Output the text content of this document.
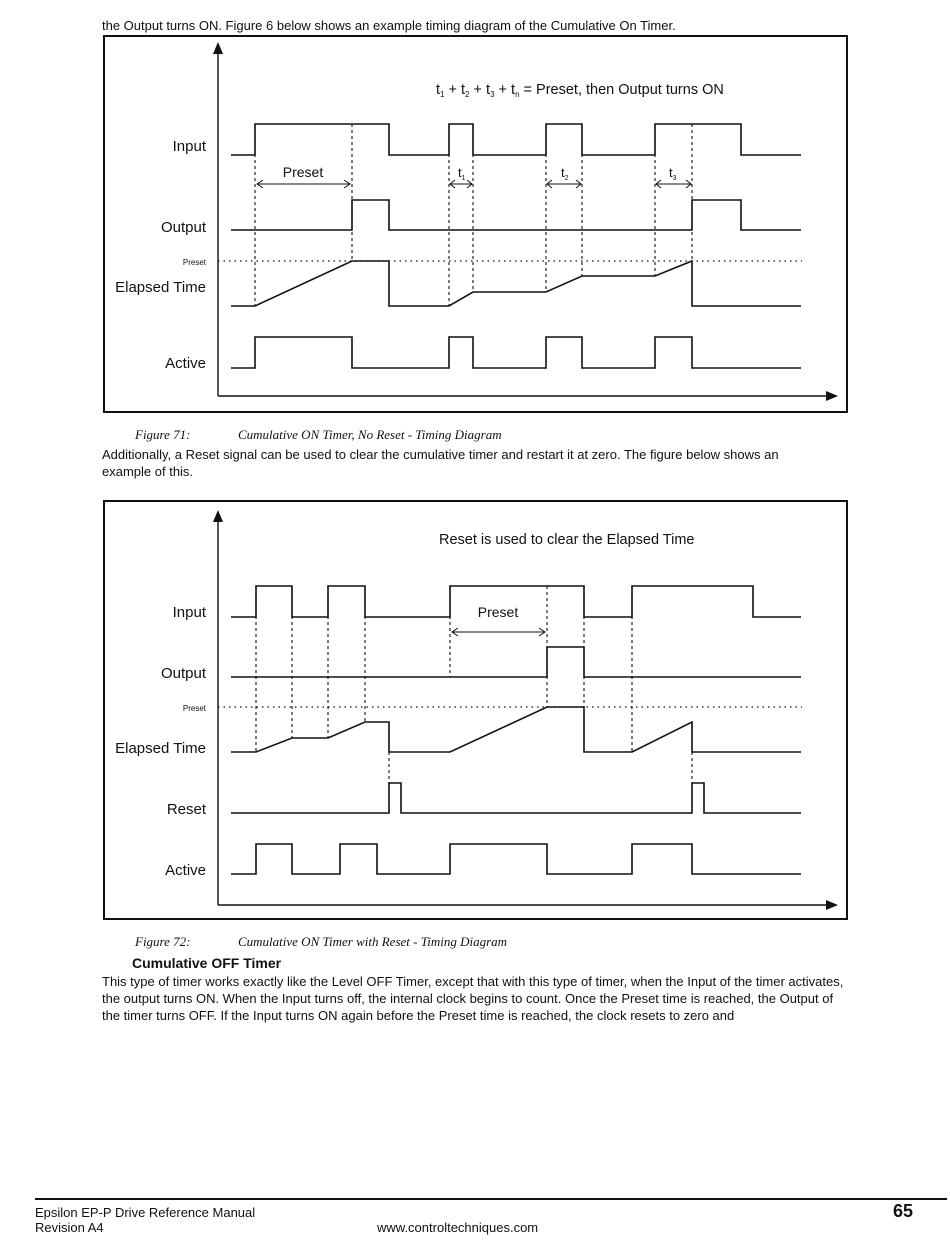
the Output turns ON. Figure 6 below shows an example timing diagram of the Cumulative On Timer.
$t_1 + t_2 + t_3 + t_n$ = Preset, then Output turns ON
Input
Output
Preset
Elapsed Time
Active
Preset	$t_1$	$t_2$	$t_3$
Figure 71:	Cumulative ON Timer, No Reset - Timing Diagram
Additionally, a Reset signal can be used to clear the cumulative timer and restart it at zero. The figure below shows an example of this.
Reset is used to clear the Elapsed Time
Input
Output
Preset
Elapsed Time
Reset
Active
Preset
Figure 72:	Cumulative ON Timer with Reset - Timing Diagram
Cumulative OFF Timer
This type of timer works exactly like the Level OFF Timer, except that with this type of timer, when the Input of the timer activates, the output turns ON. When the Input turns off, the internal clock begins to count. Once the Preset time is reached, the Output of the timer turns OFF. If the Input turns ON again before the Preset time is reached, the clock resets to zero and
Epsilon EP-P Drive Reference Manual
Revision A4	www.controltechniques.com
65
